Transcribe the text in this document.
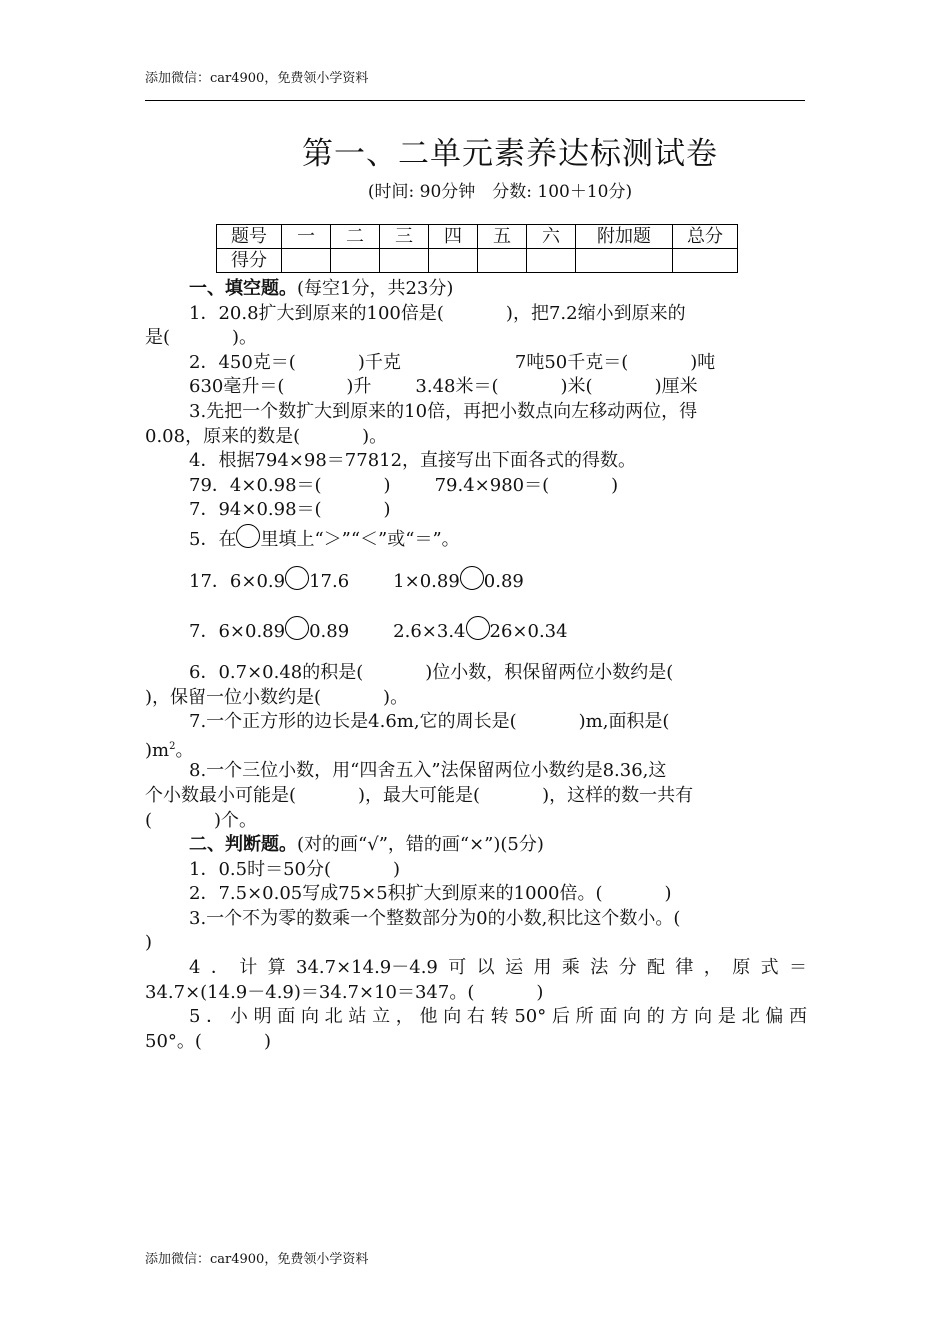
添加微信：car4900，免费领小学资料
第一、二单元素养达标测试卷
(时间: 90分钟　分数: 100＋10分)
题号	一	二	三	四	五	六	附加题	总分
得分								
一、填空题。(每空1分，共23分)
1．20.8扩大到原来的100倍是(	)，把7.2缩小到原来的
是(	)。
2．450克＝(	)千克	7吨50千克＝(	)吨
630毫升＝(	)升 3.48米＝(	)米(	)厘米
3.先把一个数扩大到原来的10倍，再把小数点向左移动两位，得
0.08，原来的数是(	)。
4．根据794×98＝77812，直接写出下面各式的得数。
79．4×0.98＝(	) 79.4×980＝(	)
7．94×0.98＝(	)
5．在 里填上“＞”“＜”或“＝”。
17．6×0.9 17.6 1×0.89 0.89
7．6×0.89 0.89 2.6×3.4 26×0.34
6．0.7×0.48的积是(	)位小数，积保留两位小数约是(
)，保留一位小数约是(	)。
7.一个正方形的边长是4.6m,它的周长是(	)m,面积是(
)$m^2$。
8.一个三位小数，用“四舍五入”法保留两位小数约是8.36,这
个小数最小可能是(	)，最大可能是(	)，这样的数一共有
(	)个。
二、判断题。(对的画“√”，错的画“×”)(5分)
1．0.5时＝50分(	)
2．7.5×0.05写成75×5积扩大到原来的1000倍。(	)
3.一个不为零的数乘一个整数部分为0的小数,积比这个数小。(
)
4．计算34.7×14.9－4.9可以运用乘法分配律，原式＝
34.7×(14.9－4.9)＝34.7×10＝347。(	)
5．小明面向北站立，他向右转50°后所面向的方向是北偏西
50°。(	)
添加微信：car4900，免费领小学资料
